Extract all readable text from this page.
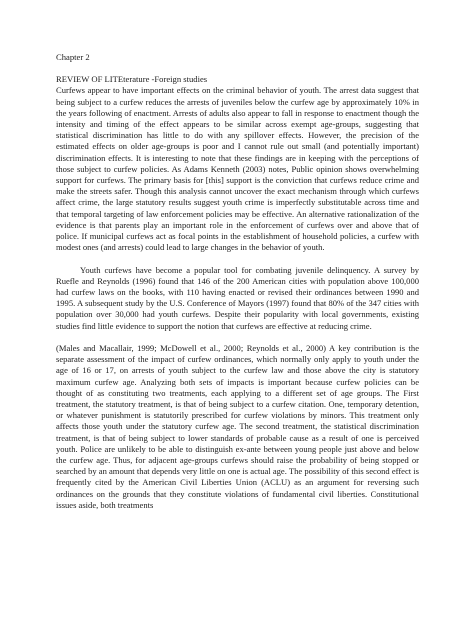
Chapter 2

REVIEW OF LITEterature -Foreign studies

Curfews appear to have important effects on the criminal behavior of youth. The arrest data suggest that being subject to a curfew reduces the arrests of juveniles below the curfew age by approximately 10% in the years following of enactment. Arrests of adults also appear to fall in response to enactment though the intensity and timing of the effect appears to be similar across exempt age-groups, suggesting that statistical discrimination has little to do with any spillover effects. However, the precision of the estimated effects on older age-groups is poor and I cannot rule out small (and potentially important) discrimination effects. It is interesting to note that these findings are in keeping with the perceptions of those subject to curfew policies. As Adams Kenneth (2003) notes, Public opinion shows overwhelming support for curfews. The primary basis for [this] support is the conviction that curfews reduce crime and make the streets safer. Though this analysis cannot uncover the exact mechanism through which curfews affect crime, the large statutory results suggest youth crime is imperfectly substitutable across time and that temporal targeting of law enforcement policies may be effective. An alternative rationalization of the evidence is that parents play an important role in the enforcement of curfews over and above that of police. If municipal curfews act as focal points in the establishment of household policies, a curfew with modest ones (and arrests) could lead to large changes in the behavior of youth.

Youth curfews have become a popular tool for combating juvenile delinquency. A survey by Ruefle and Reynolds (1996) found that 146 of the 200 American cities with population above 100,000 had curfew laws on the books, with 110 having enacted or revised their ordinances between 1990 and 1995. A subsequent study by the U.S. Conference of Mayors (1997) found that 80% of the 347 cities with population over 30,000 had youth curfews. Despite their popularity with local governments, existing studies find little evidence to support the notion that curfews are effective at reducing crime.

(Males and Macallair, 1999; McDowell et al., 2000; Reynolds et al., 2000) A key contribution is the separate assessment of the impact of curfew ordinances, which normally only apply to youth under the age of 16 or 17, on arrests of youth subject to the curfew law and those above the city is statutory maximum curfew age. Analyzing both sets of impacts is important because curfew policies can be thought of as constituting two treatments, each applying to a different set of age groups. The First treatment, the statutory treatment, is that of being subject to a curfew citation. One, temporary detention, or whatever punishment is statutorily prescribed for curfew violations by minors. This treatment only affects those youth under the statutory curfew age. The second treatment, the statistical discrimination treatment, is that of being subject to lower standards of probable cause as a result of one is perceived youth. Police are unlikely to be able to distinguish ex-ante between young people just above and below the curfew age. Thus, for adjacent age-groups curfews should raise the probability of being stopped or searched by an amount that depends very little on one is actual age. The possibility of this second effect is frequently cited by the American Civil Liberties Union (ACLU) as an argument for reversing such ordinances on the grounds that they constitute violations of fundamental civil liberties. Constitutional issues aside, both treatments
